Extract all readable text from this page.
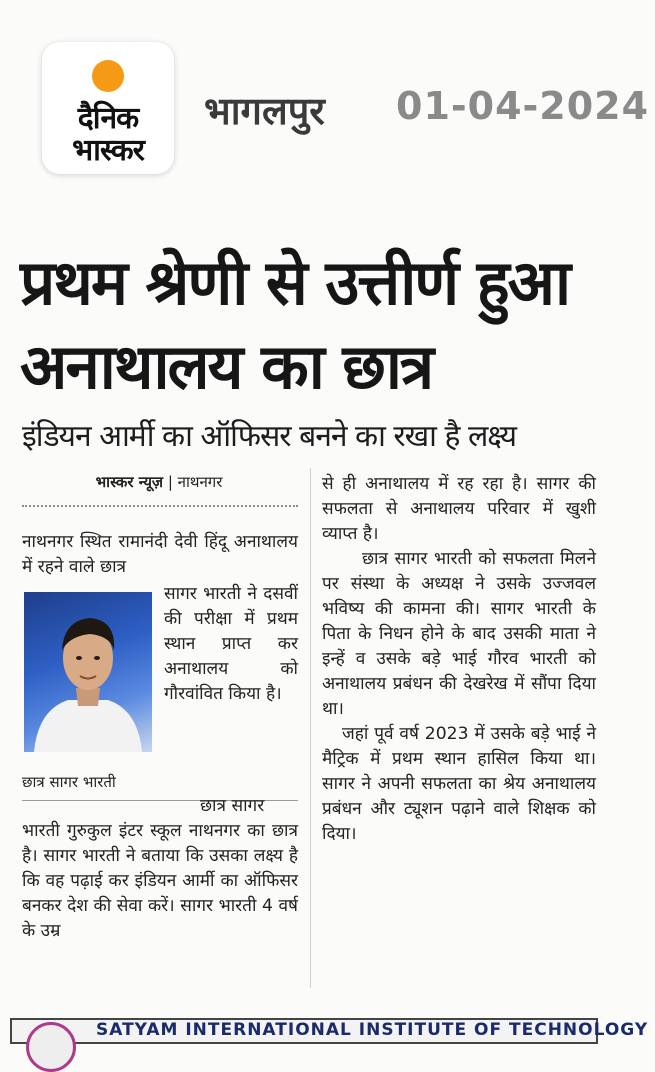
दैनिक
भास्कर
भागलपुर 01-04-2024
प्रथम श्रेणी से उत्तीर्ण हुआ
अनाथालय का छात्र
इंडियन आर्मी का ऑफिसर बनने का रखा है लक्ष्य
भास्कर न्यूज़ | नाथनगर
नाथनगर स्थित रामानंदी देवी हिंदू अनाथालय में रहने वाले छात्र
सागर भारती ने दसवीं की परीक्षा में प्रथम स्थान प्राप्त कर अनाथालय को गौरवांवित किया है।
छात्र सागर भारती
छात्र सागर
भारती गुरुकुल इंटर स्कूल नाथनगर का छात्र है। सागर भारती ने बताया कि उसका लक्ष्य है कि वह पढ़ाई कर इंडियन आर्मी का ऑफिसर बनकर देश की सेवा करें। सागर भारती 4 वर्ष के उम्र

से ही अनाथालय में रह रहा है। सागर की सफलता से अनाथालय परिवार में खुशी व्याप्त है।

छात्र सागर भारती को सफलता मिलने पर संस्था के अध्यक्ष ने उसके उज्जवल भविष्य की कामना की। सागर भारती के पिता के निधन होने के बाद उसकी माता ने इन्हें व उसके बड़े भाई गौरव भारती को अनाथालय प्रबंधन की देखरेख में सौंपा दिया था।

जहां पूर्व वर्ष 2023 में उसके बड़े भाई ने मैट्रिक में प्रथम स्थान हासिल किया था। सागर ने अपनी सफलता का श्रेय अनाथालय प्रबंधन और ट्यूशन पढ़ाने वाले शिक्षक को दिया।

SATYAM INTERNATIONAL INSTITUTE OF TECHNOLOGY
